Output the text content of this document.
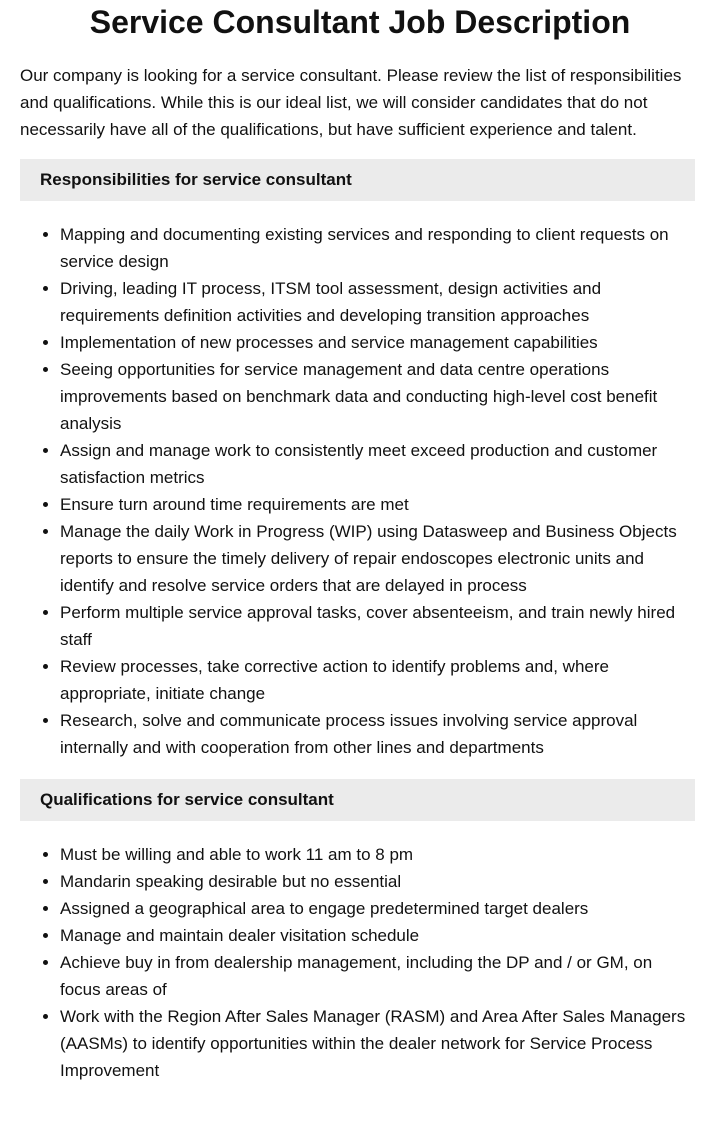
Service Consultant Job Description

Our company is looking for a service consultant. Please review the list of responsibilities and qualifications. While this is our ideal list, we will consider candidates that do not necessarily have all of the qualifications, but have sufficient experience and talent.

Responsibilities for service consultant
• Mapping and documenting existing services and responding to client requests on service design
• Driving, leading IT process, ITSM tool assessment, design activities and requirements definition activities and developing transition approaches
• Implementation of new processes and service management capabilities
• Seeing opportunities for service management and data centre operations improvements based on benchmark data and conducting high-level cost benefit analysis
• Assign and manage work to consistently meet exceed production and customer satisfaction metrics
• Ensure turn around time requirements are met
• Manage the daily Work in Progress (WIP) using Datasweep and Business Objects reports to ensure the timely delivery of repair endoscopes electronic units and identify and resolve service orders that are delayed in process
• Perform multiple service approval tasks, cover absenteeism, and train newly hired staff
• Review processes, take corrective action to identify problems and, where appropriate, initiate change
• Research, solve and communicate process issues involving service approval internally and with cooperation from other lines and departments
Qualifications for service consultant
• Must be willing and able to work 11 am to 8 pm
• Mandarin speaking desirable but no essential
• Assigned a geographical area to engage predetermined target dealers
• Manage and maintain dealer visitation schedule
• Achieve buy in from dealership management, including the DP and / or GM, on focus areas of
• Work with the Region After Sales Manager (RASM) and Area After Sales Managers (AASMs) to identify opportunities within the dealer network for Service Process Improvement
